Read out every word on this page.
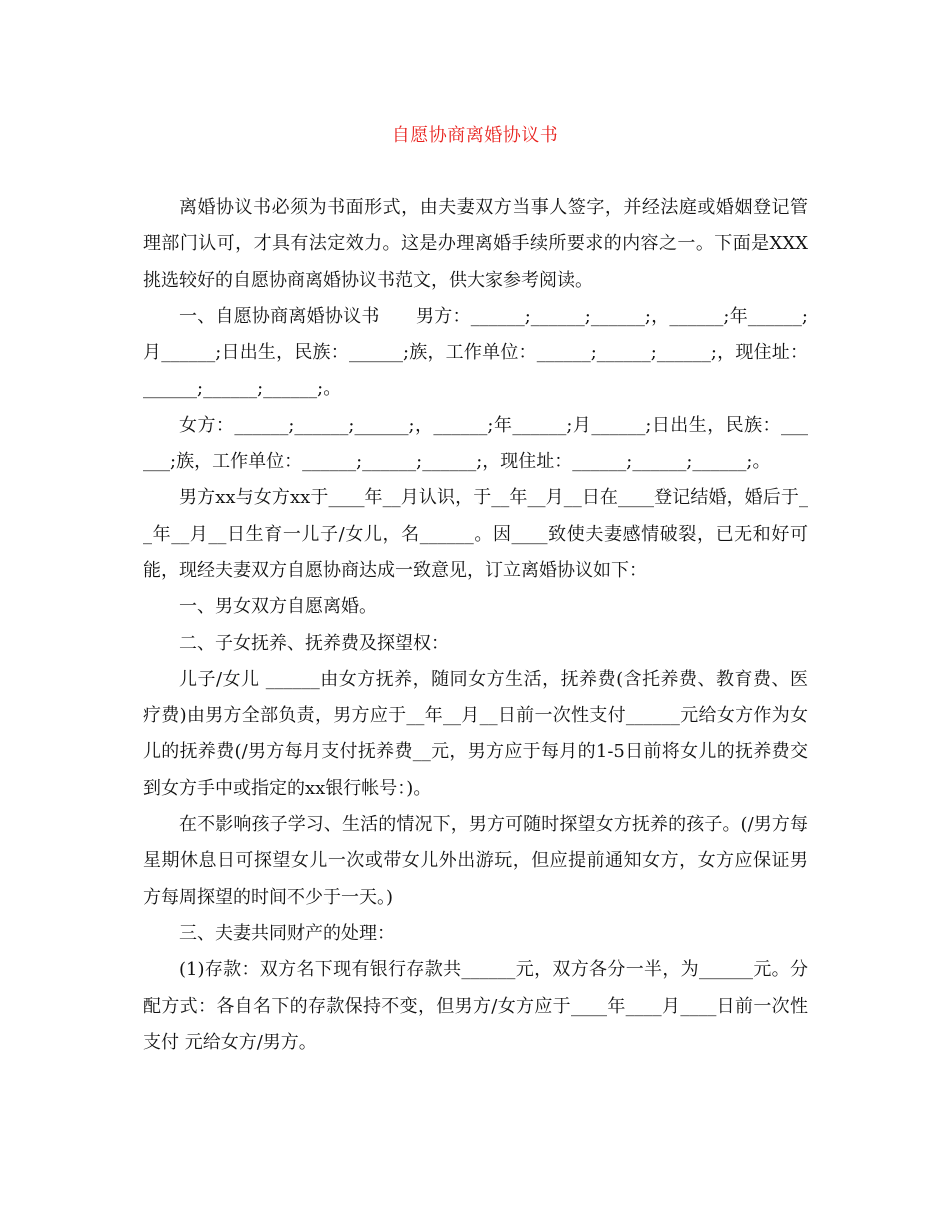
自愿协商离婚协议书

离婚协议书必须为书面形式，由夫妻双方当事人签字，并经法庭或婚姻登记管理部门认可，才具有法定效力。这是办理离婚手续所要求的内容之一。下面是XXX挑选较好的自愿协商离婚协议书范文，供大家参考阅读。

一、自愿协商离婚协议书　　男方：______;______;______;，______;年______;月______;日出生，民族：______;族，工作单位：______;______;______;，现住址：______;______;______;。

女方：______;______;______;，______;年______;月______;日出生，民族：______;族，工作单位：______;______;______;，现住址：______;______;______;。

男方xx与女方xx于____年__月认识，于__年__月__日在____登记结婚，婚后于__年__月__日生育一儿子/女儿，名______。因____致使夫妻感情破裂，已无和好可能，现经夫妻双方自愿协商达成一致意见，订立离婚协议如下：

一、男女双方自愿离婚。

二、子女抚养、抚养费及探望权：

儿子/女儿 ______由女方抚养，随同女方生活，抚养费(含托养费、教育费、医疗费)由男方全部负责，男方应于__年__月__日前一次性支付______元给女方作为女儿的抚养费(/男方每月支付抚养费__元，男方应于每月的1-5日前将女儿的抚养费交到女方手中或指定的xx银行帐号：)。

在不影响孩子学习、生活的情况下，男方可随时探望女方抚养的孩子。(/男方每星期休息日可探望女儿一次或带女儿外出游玩，但应提前通知女方，女方应保证男方每周探望的时间不少于一天。)

三、夫妻共同财产的处理：

(1)存款：双方名下现有银行存款共______元，双方各分一半，为______元。分配方式：各自名下的存款保持不变，但男方/女方应于____年____月____日前一次性支付 元给女方/男方。
